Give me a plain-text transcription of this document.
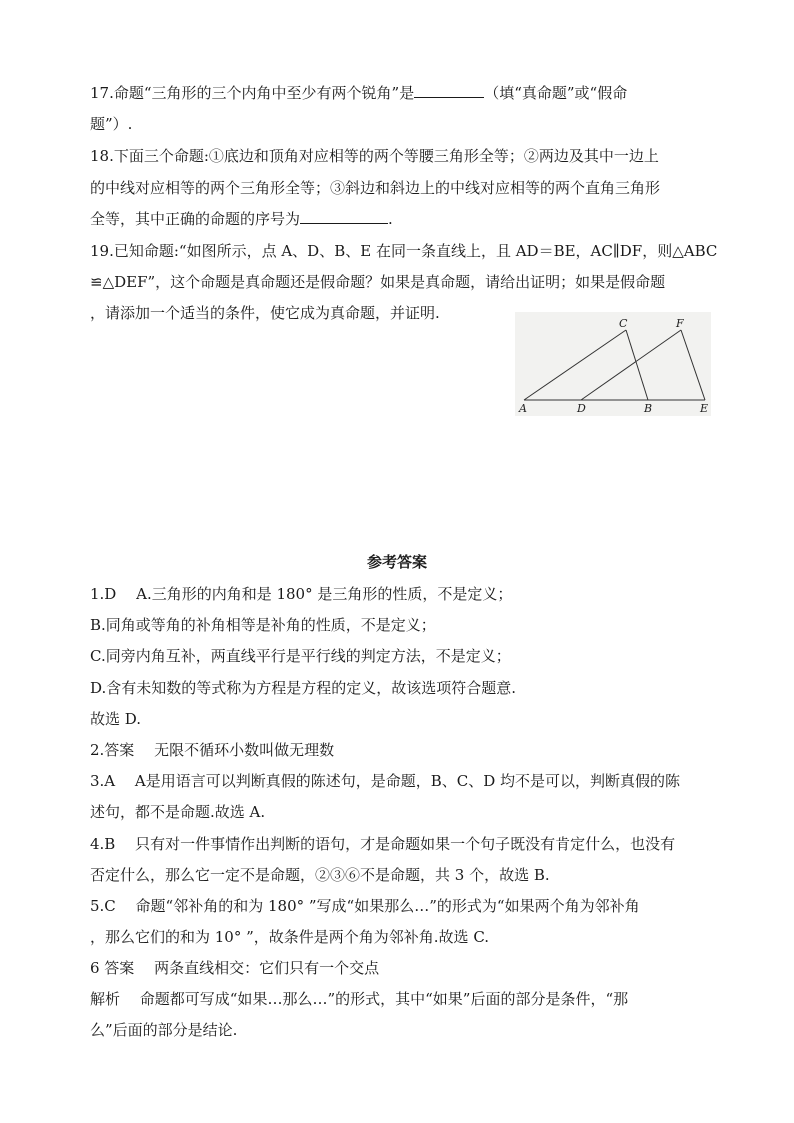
17.命题“三角形的三个内角中至少有两个锐角”是	（填“真命题”或“假命
题”）.
18.下面三个命题:①底边和顶角对应相等的两个等腰三角形全等；②两边及其中一边上
的中线对应相等的两个三角形全等；③斜边和斜边上的中线对应相等的两个直角三角形
全等，其中正确的命题的序号为	.
19.已知命题:“如图所示，点 A、D、B、E 在同一条直线上，且 AD＝BE，AC∥DF，则△ABC
≌△DEF”，这个命题是真命题还是假命题？如果是真命题，请给出证明；如果是假命题
，请添加一个适当的条件，使它成为真命题，并证明.
A	D	B	E
C	F
参考答案
1.D　 A.三角形的内角和是 180° 是三角形的性质，不是定义；
B.同角或等角的补角相等是补角的性质，不是定义；
C.同旁内角互补，两直线平行是平行线的判定方法，不是定义；
D.含有未知数的等式称为方程是方程的定义，故该选项符合题意.
故选 D.
2.答案　 无限不循环小数叫做无理数
3.A　 A是用语言可以判断真假的陈述句，是命题，B、C、D 均不是可以，判断真假的陈
述句，都不是命题.故选 A.
4.B　 只有对一件事情作出判断的语句，才是命题如果一个句子既没有肯定什么，也没有
否定什么，那么它一定不是命题，②③⑥不是命题，共 3 个，故选 B.
5.C　 命题“邻补角的和为 180° ”写成“如果那么…”的形式为“如果两个角为邻补角
，那么它们的和为 10° ”，故条件是两个角为邻补角.故选 C.
6 答案　 两条直线相交：它们只有一个交点
解析　 命题都可写成“如果…那么…”的形式，其中“如果”后面的部分是条件，“那
么”后面的部分是结论.
